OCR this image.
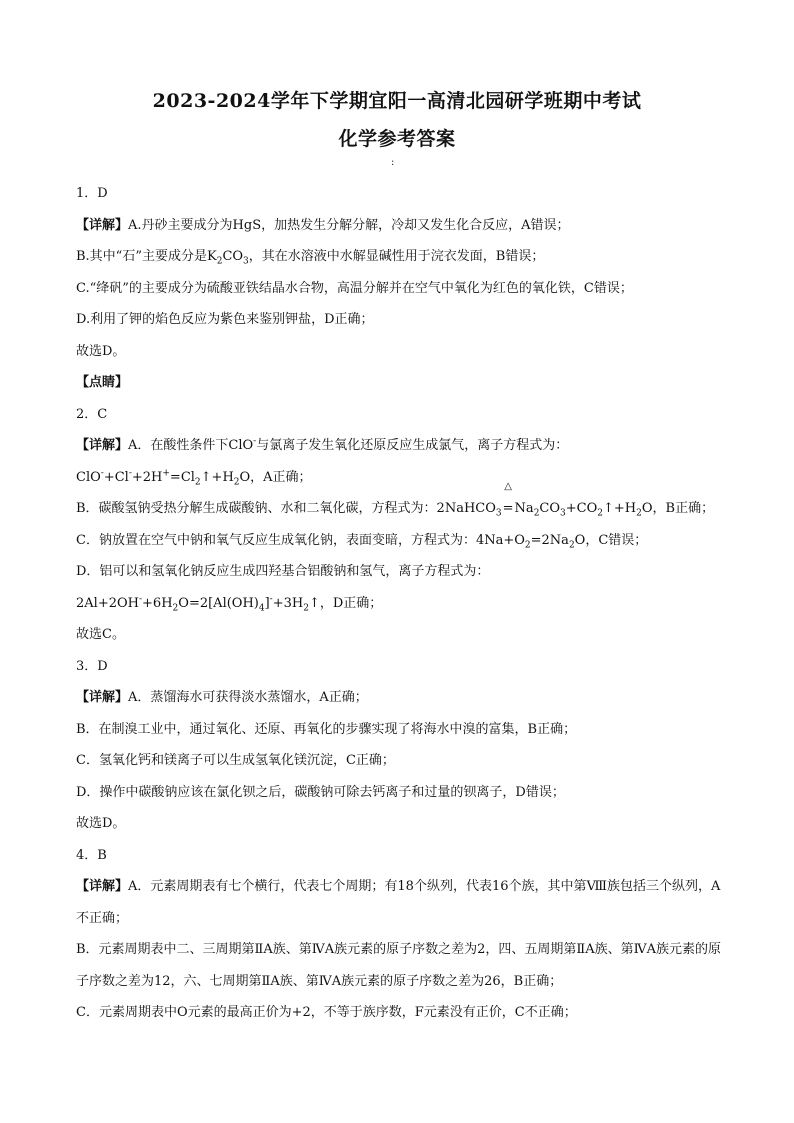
2023-2024学年下学期宜阳一高清北园研学班期中考试
化学参考答案
:

1．D

【详解】A.丹砂主要成分为HgS，加热发生分解分解，冷却又发生化合反应，A错误；

B.其中“石”主要成分是$K_2CO_3$，其在水溶液中水解显碱性用于浣衣发面，B错误；

C.“绛矾”的主要成分为硫酸亚铁结晶水合物，高温分解并在空气中氧化为红色的氧化铁，C错误；

D.利用了钾的焰色反应为紫色来鉴别钾盐，D正确；

故选D。

【点睛】

2．C

【详解】A．在酸性条件下ClO-与氯离子发生氧化还原反应生成氯气，离子方程式为：

$ClO^-+Cl^-+2H^+=Cl_2↑+H_2O$，A正确；

B．碳酸氢钠受热分解生成碳酸钠、水和二氧化碳，方程式为：2NaHCO$_3$
△
$=Na_2CO_3+CO_2↑+H_2O$，B正确；

C．钠放置在空气中钠和氧气反应生成氧化钠，表面变暗，方程式为：$4Na+O_2=2Na_2O$，C错误；

D．铝可以和氢氧化钠反应生成四羟基合铝酸钠和氢气，离子方程式为：

$2Al+2OH^-+6H_2O=2[Al(OH)_4]^-+3H_2↑$，D正确；

故选C。

3．D

【详解】A．蒸馏海水可获得淡水蒸馏水，A正确；

B．在制溴工业中，通过氧化、还原、再氧化的步骤实现了将海水中溴的富集，B正确；

C．氢氧化钙和镁离子可以生成氢氧化镁沉淀，C正确；

D．操作中碳酸钠应该在氯化钡之后，碳酸钠可除去钙离子和过量的钡离子，D错误；

故选D。

4．B

【详解】A．元素周期表有七个横行，代表七个周期；有18个纵列，代表16个族，其中第Ⅷ族包括三个纵列，A不正确；

B．元素周期表中二、三周期第ⅡA族、第ⅣA族元素的原子序数之差为2，四、五周期第ⅡA族、第ⅣA族元素的原子序数之差为12，六、七周期第ⅡA族、第ⅣA族元素的原子序数之差为26，B正确；

C．元素周期表中O元素的最高正价为+2，不等于族序数，F元素没有正价，C不正确；
